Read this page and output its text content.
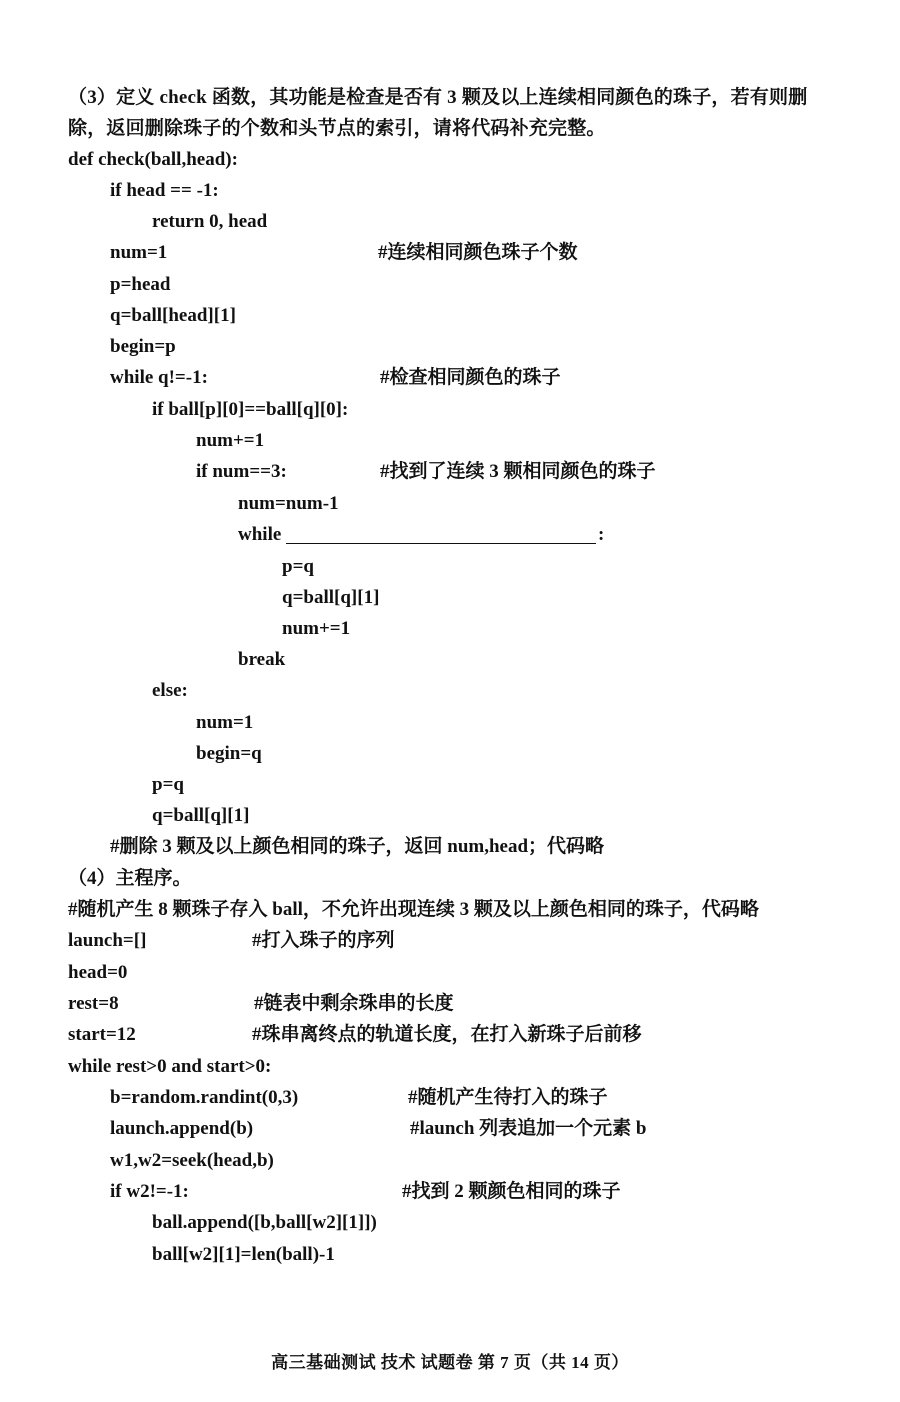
（3）定义 check 函数，其功能是检查是否有 3 颗及以上连续相同颜色的珠子，若有则删
除，返回删除珠子的个数和头节点的索引，请将代码补充完整。
def check(ball,head):
if head == -1:
return 0, head
num=1	#连续相同颜色珠子个数
p=head
q=ball[head][1]
begin=p
while q!=-1:	#检查相同颜色的珠子
if ball[p][0]==ball[q][0]:
num+=1
if num==3:	#找到了连续 3 颗相同颜色的珠子
num=num-1
while	:
p=q
q=ball[q][1]
num+=1
break
else:
num=1
begin=q
p=q
q=ball[q][1]
#删除 3 颗及以上颜色相同的珠子，返回 num,head；代码略
（4）主程序。
#随机产生 8 颗珠子存入 ball，不允许出现连续 3 颗及以上颜色相同的珠子，代码略
launch=[]	#打入珠子的序列
head=0
rest=8	#链表中剩余珠串的长度
start=12	#珠串离终点的轨道长度，在打入新珠子后前移
while rest>0 and start>0:
b=random.randint(0,3)	#随机产生待打入的珠子
launch.append(b)	#launch 列表追加一个元素 b
w1,w2=seek(head,b)
if w2!=-1:	#找到 2 颗颜色相同的珠子
ball.append([b,ball[w2][1]])
ball[w2][1]=len(ball)-1
高三基础测试 技术 试题卷 第 7 页（共 14 页）
